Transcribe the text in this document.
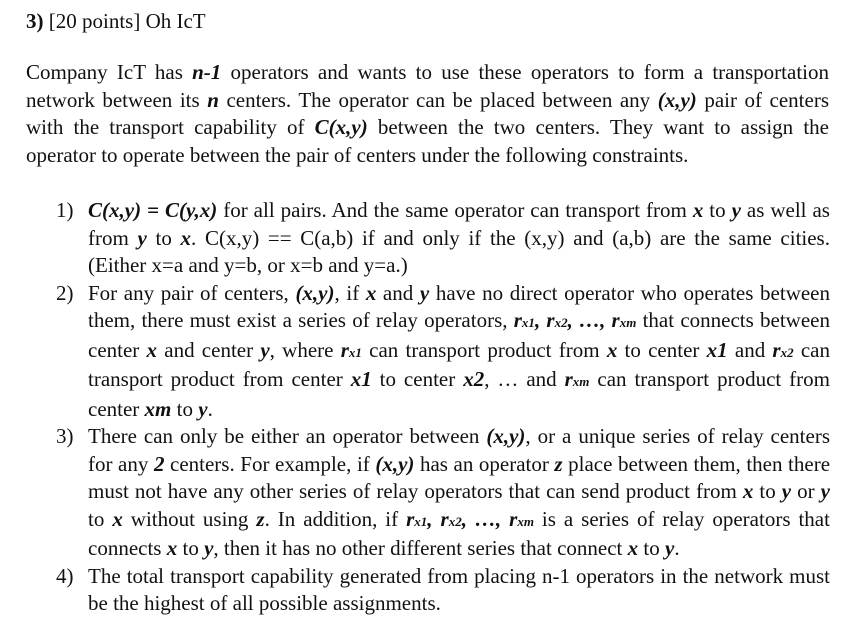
3) [20 points] Oh IcT

Company IcT has n-1 operators and wants to use these operators to form a transportation network between its n centers. The operator can be placed between any (x,y) pair of centers with the transport capability of C(x,y) between the two centers. They want to assign the operator to operate between the pair of centers under the following constraints.

1) C(x,y) = C(y,x) for all pairs. And the same operator can transport from x to y as well as from y to x. C(x,y) == C(a,b) if and only if the (x,y) and (a,b) are the same cities. (Either x=a and y=b, or x=b and y=a.)
2) For any pair of centers, (x,y), if x and y have no direct operator who operates between them, there must exist a series of relay operators, rx1, rx2, …, rxm that connects between center x and center y, where rx1 can transport product from x to center x1 and rx2 can transport product from center x1 to center x2, … and rxm can transport product from center xm to y.
3) There can only be either an operator between (x,y), or a unique series of relay centers for any 2 centers. For example, if (x,y) has an operator z place between them, then there must not have any other series of relay operators that can send product from x to y or y to x without using z. In addition, if rx1, rx2, …, rxm is a series of relay operators that connects x to y, then it has no other different series that connect x to y.
4) The total transport capability generated from placing n-1 operators in the network must be the highest of all possible assignments.
